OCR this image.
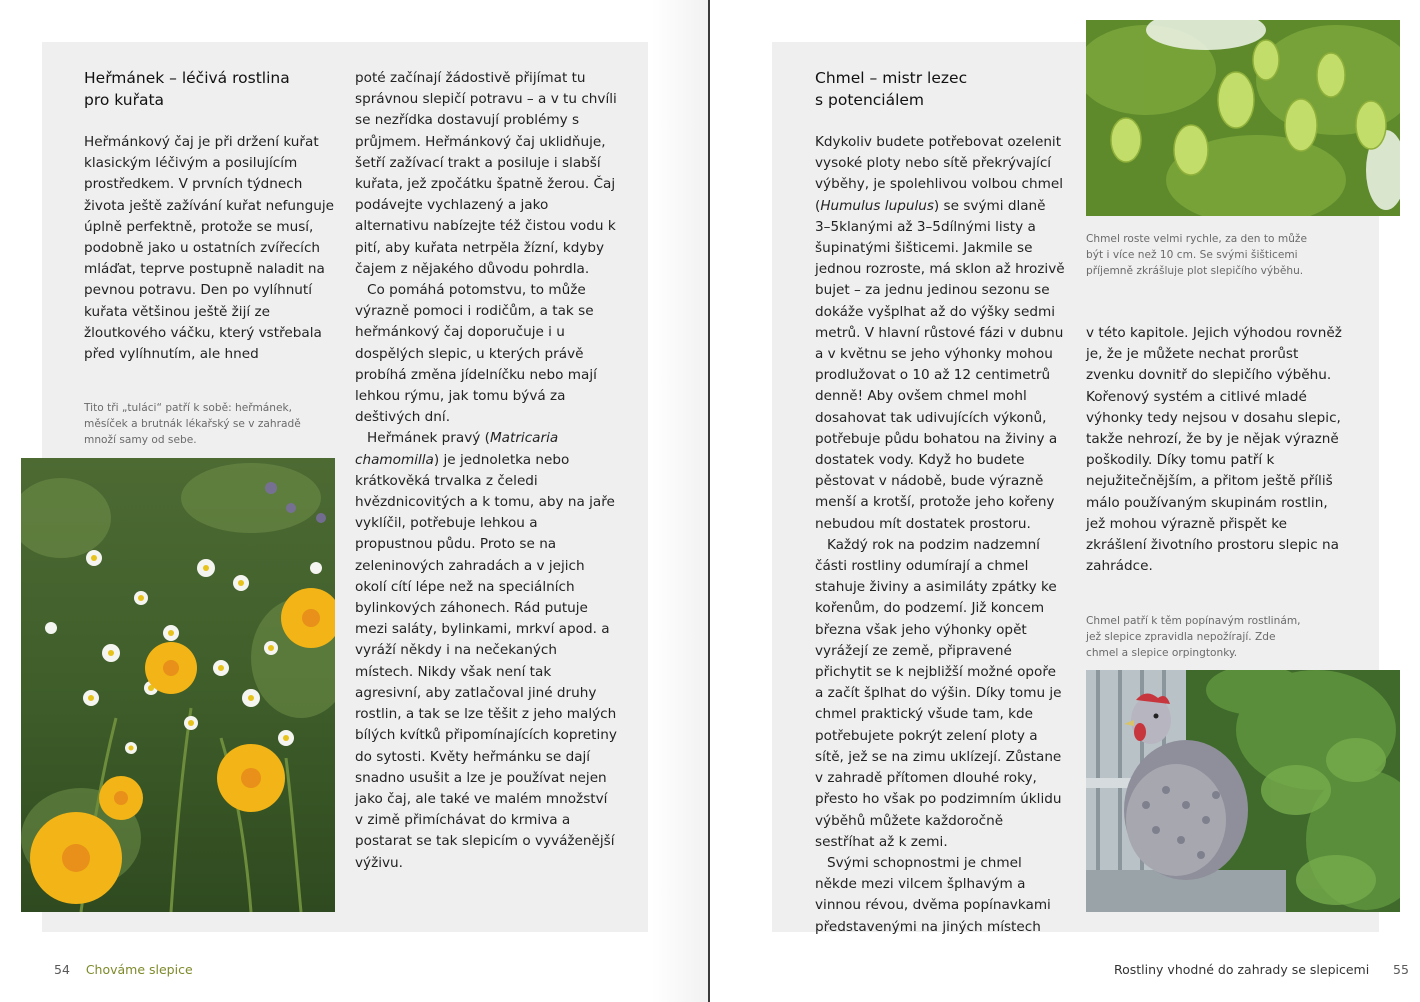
Heřmánek – léčivá rostlina
pro kuřata

Heřmánkový čaj je při držení kuřat klasickým léčivým a posilujícím prostředkem. V prvních týdnech života ještě zažívání kuřat nefunguje úplně perfektně, protože se musí, podobně jako u ostatních zvířecích mláďat, teprve postupně naladit na pevnou potravu. Den po vylíhnutí kuřata většinou ještě žijí ze žloutkového váčku, který vstřebala před vylíhnutím, ale hned

Tito tři „tuláci“ patří k sobě: heřmánek, měsíček a brutnák lékařský se v zahradě množí samy od sebe.

poté začínají žádostivě přijímat tu správnou slepičí potravu – a v tu chvíli se nezřídka dostavují problémy s průjmem. Heřmánkový čaj uklidňuje, šetří zažívací trakt a posiluje i slabší kuřata, jež zpočátku špatně žerou. Čaj podávejte vychlazený a jako alternativu nabízejte též čistou vodu k pití, aby kuřata netrpěla žízní, kdyby čajem z nějakého důvodu pohrdla.

Co pomáhá potomstvu, to může výrazně pomoci i rodičům, a tak se heřmánkový čaj doporučuje i u dospělých slepic, u kterých právě probíhá změna jídelníčku nebo mají lehkou rýmu, jak tomu bývá za deštivých dní.

Heřmánek pravý (Matricaria chamomilla) je jednoletka nebo krátkověká trvalka z čeledi hvězdnicovitých a k tomu, aby na jaře vyklíčil, potřebuje lehkou a propustnou půdu. Proto se na zeleninových zahradách a v jejich okolí cítí lépe než na speciálních bylinkových záhonech. Rád putuje mezi saláty, bylinkami, mrkví apod. a vyráží někdy i na nečekaných místech. Nikdy však není tak agresivní, aby zatlačoval jiné druhy rostlin, a tak se lze těšit z jeho malých bílých kvítků připomínajících kopretiny do sytosti. Květy heřmánku se dají snadno usušit a lze je používat nejen jako čaj, ale také ve malém množství v zimě přimíchávat do krmiva a postarat se tak slepicím o vyváženější výživu.

54 Chováme slepice
Chmel roste velmi rychle, za den to může být i více než 10 cm. Se svými šišticemi příjemně zkrášluje plot slepičího výběhu.
Chmel – mistr lezec
s potenciálem

Kdykoliv budete potřebovat ozelenit vysoké ploty nebo sítě překrývající výběhy, je spolehlivou volbou chmel (Humulus lupulus) se svými dlaně 3–5klanými až 3–5dílnými listy a šupinatými šišticemi. Jakmile se jednou rozroste, má sklon až hrozivě bujet – za jednu jedinou sezonu se dokáže vyšplhat až do výšky sedmi metrů. V hlavní růstové fázi v dubnu a v květnu se jeho výhonky mohou prodlužovat o 10 až 12 centimetrů denně! Aby ovšem chmel mohl dosahovat tak udivujících výkonů, potřebuje půdu bohatou na živiny a dostatek vody. Když ho budete pěstovat v nádobě, bude výrazně menší a krotší, protože jeho kořeny nebudou mít dostatek prostoru.

Každý rok na podzim nadzemní části rostliny odumírají a chmel stahuje živiny a asimiláty zpátky ke kořenům, do podzemí. Již koncem března však jeho výhonky opět vyrážejí ze země, připravené přichytit se k nejbližší možné opoře a začít šplhat do výšin. Díky tomu je chmel praktický všude tam, kde potřebujete pokrýt zelení ploty a sítě, jež se na zimu uklízejí. Zůstane v zahradě přítomen dlouhé roky, přesto ho však po podzimním úklidu výběhů můžete každoročně sestříhat až k zemi.

Svými schopnostmi je chmel někde mezi vilcem šplhavým a vinnou révou, dvěma popínavkami představenými na jiných místech

v této kapitole. Jejich výhodou rovněž je, že je můžete nechat prorůst zvenku dovnitř do slepičího výběhu. Kořenový systém a citlivé mladé výhonky tedy nejsou v dosahu slepic, takže nehrozí, že by je nějak výrazně poškodily. Díky tomu patří k nejužitečnějším, a přitom ještě příliš málo používaným skupinám rostlin, jež mohou výrazně přispět ke zkrášlení životního prostoru slepic na zahrádce.

Chmel patří k těm popínavým rostlinám, jež slepice zpravidla nepožírají. Zde chmel a slepice orpingtonky.
Rostliny vhodné do zahrady se slepicemi 55
